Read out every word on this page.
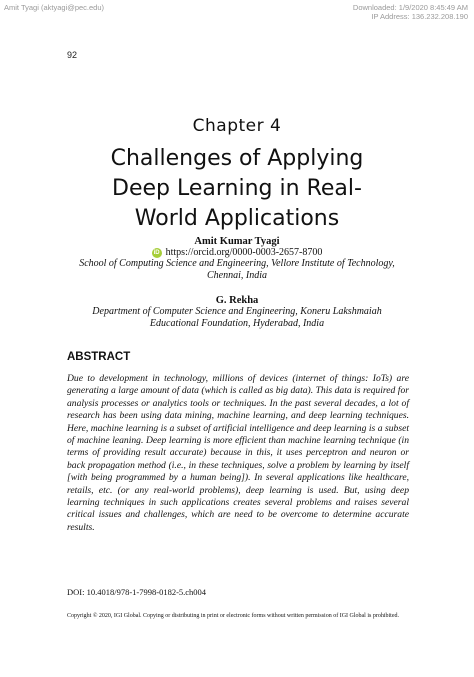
Amit Tyagi (aktyagi@pec.edu)	Downloaded: 1/9/2020 8:45:49 AM
IP Address: 136.232.208.190
92
Chapter 4
Challenges of Applying
Deep Learning in Real-
World Applications
Amit Kumar Tyagi
iD https://orcid.org/0000-0003-2657-8700
School of Computing Science and Engineering, Vellore Institute of Technology,
Chennai, India
G. Rekha
Department of Computer Science and Engineering, Koneru Lakshmaiah
Educational Foundation, Hyderabad, India
ABSTRACT

Due to development in technology, millions of devices (internet of things: IoTs) are generating a large amount of data (which is called as big data). This data is required for analysis processes or analytics tools or techniques. In the past several decades, a lot of research has been using data mining, machine learning, and deep learning techniques. Here, machine learning is a subset of artificial intelligence and deep learning is a subset of machine leaning. Deep learning is more efficient than machine learning technique (in terms of providing result accurate) because in this, it uses perceptron and neuron or back propagation method (i.e., in these techniques, solve a problem by learning by itself [with being programmed by a human being]). In several applications like healthcare, retails, etc. (or any real-world problems), deep learning is used. But, using deep learning techniques in such applications creates several problems and raises several critical issues and challenges, which are need to be overcome to determine accurate results.

DOI: 10.4018/978-1-7998-0182-5.ch004
Copyright © 2020, IGI Global. Copying or distributing in print or electronic forms without written permission of IGI Global is prohibited.
